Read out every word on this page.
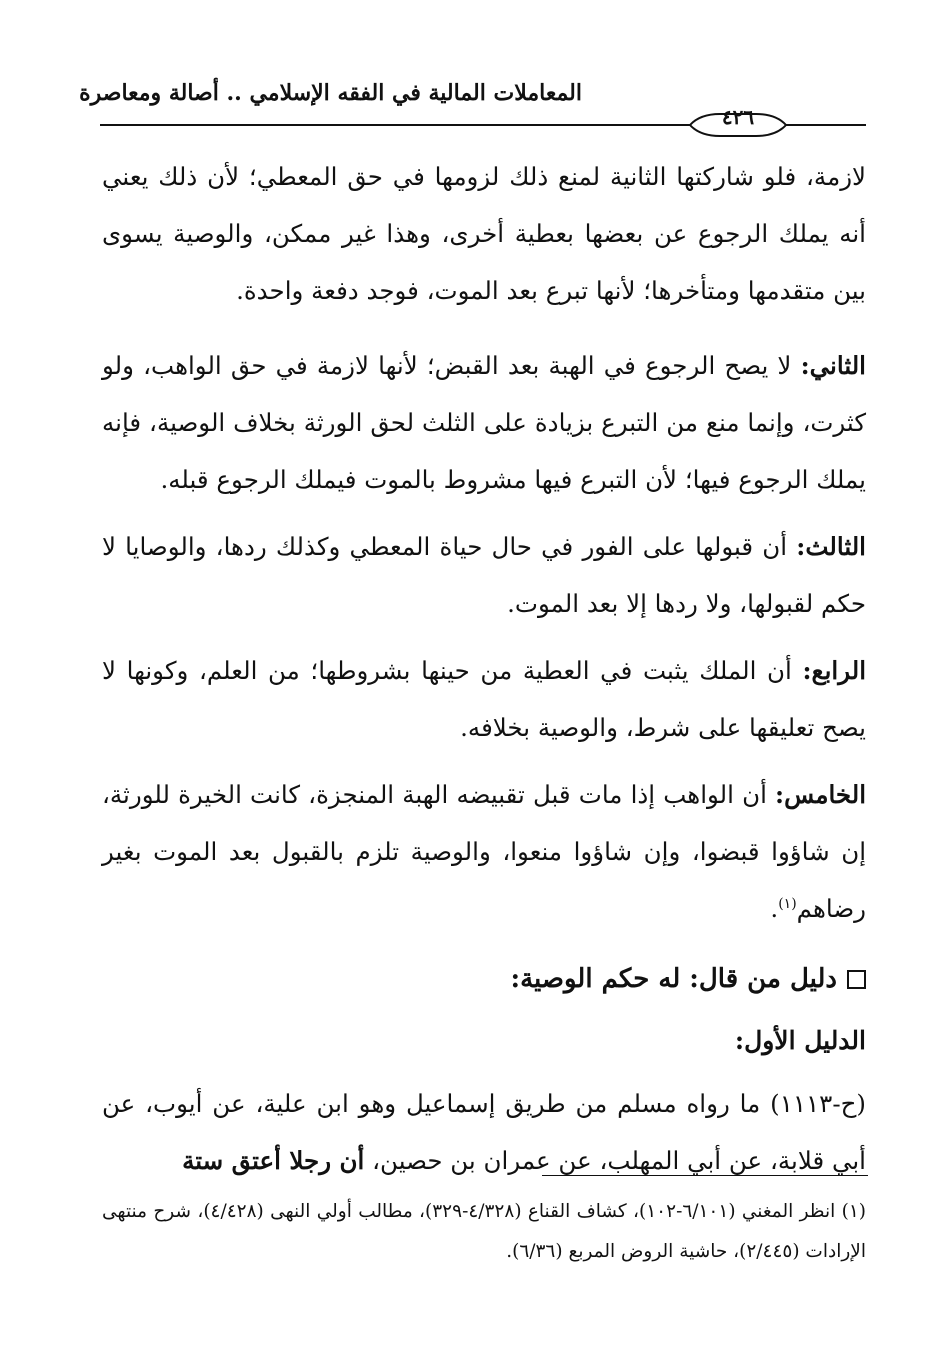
المعاملات المالية في الفقه الإسلامي .. أصالة ومعاصرة
٤٢٦

لازمة، فلو شاركتها الثانية لمنع ذلك لزومها في حق المعطي؛ لأن ذلك يعني أنه يملك الرجوع عن بعضها بعطية أخرى، وهذا غير ممكن، والوصية يسوى بين متقدمها ومتأخرها؛ لأنها تبرع بعد الموت، فوجد دفعة واحدة.

الثاني: لا يصح الرجوع في الهبة بعد القبض؛ لأنها لازمة في حق الواهب، ولو كثرت، وإنما منع من التبرع بزيادة على الثلث لحق الورثة بخلاف الوصية، فإنه يملك الرجوع فيها؛ لأن التبرع فيها مشروط بالموت فيملك الرجوع قبله.

الثالث: أن قبولها على الفور في حال حياة المعطي وكذلك ردها، والوصايا لا حكم لقبولها، ولا ردها إلا بعد الموت.

الرابع: أن الملك يثبت في العطية من حينها بشروطها؛ من العلم، وكونها لا يصح تعليقها على شرط، والوصية بخلافه.

الخامس: أن الواهب إذا مات قبل تقبيضه الهبة المنجزة، كانت الخيرة للورثة، إن شاؤوا قبضوا، وإن شاؤوا منعوا، والوصية تلزم بالقبول بعد الموت بغير رضاهم$^{(١)}$.

دليل من قال: له حكم الوصية:
الدليل الأول:

(ح-١١١٣) ما رواه مسلم من طريق إسماعيل وهو ابن علية، عن أيوب، عن أبي قلابة، عن أبي المهلب، عن عمران بن حصين، أن رجلا أعتق ستة

(١) انظر المغني (٦/١٠١-١٠٢)، كشاف القناع (٤/٣٢٨-٣٢٩)، مطالب أولي النهى (٤/٤٢٨)، شرح منتهى الإرادات (٢/٤٤٥)، حاشية الروض المربع (٦/٣٦).
